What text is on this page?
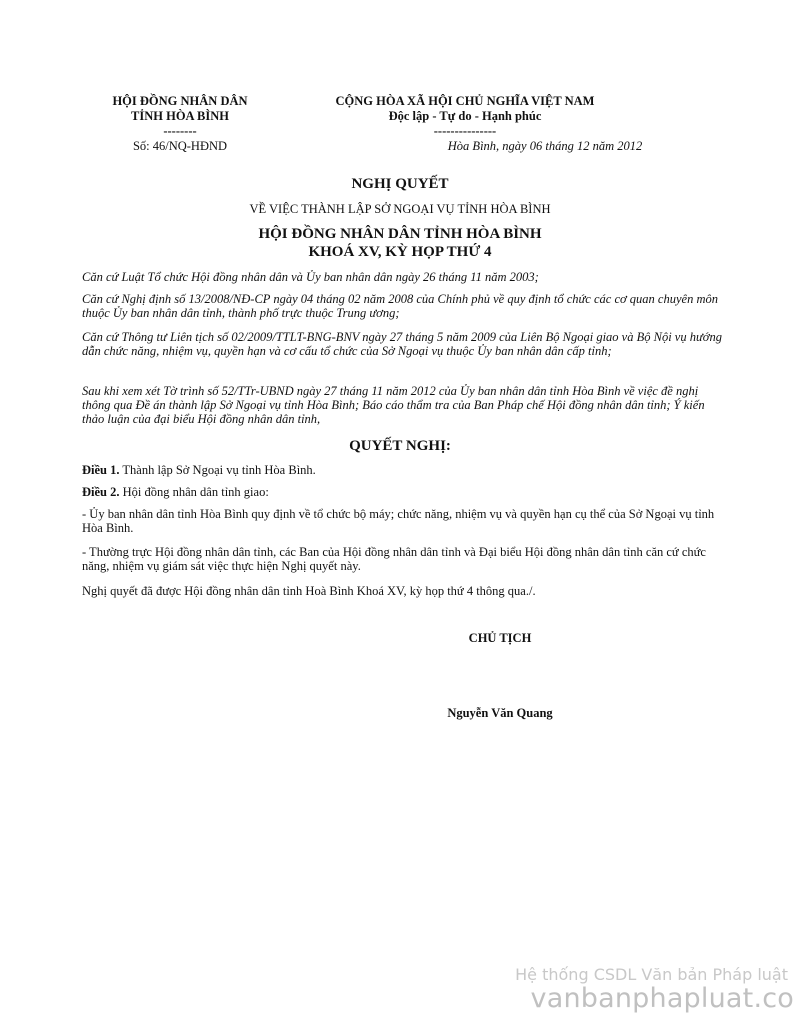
HỘI ĐỒNG NHÂN DÂN
TỈNH HÒA BÌNH
--------
Số: 46/NQ-HĐND
CỘNG HÒA XÃ HỘI CHỦ NGHĨA VIỆT NAM
Độc lập - Tự do - Hạnh phúc
---------------
Hòa Bình, ngày 06 tháng 12 năm 2012
NGHỊ QUYẾT
VỀ VIỆC THÀNH LẬP SỞ NGOẠI VỤ TỈNH HÒA BÌNH
HỘI ĐỒNG NHÂN DÂN TỈNH HÒA BÌNH
KHOÁ XV, KỲ HỌP THỨ 4
Căn cứ Luật Tổ chức Hội đồng nhân dân và Ủy ban nhân dân ngày 26 tháng 11 năm 2003;
Căn cứ Nghị định số 13/2008/NĐ-CP ngày 04 tháng 02 năm 2008 của Chính phủ về quy định tổ chức các cơ quan chuyên môn thuộc Ủy ban nhân dân tỉnh, thành phố trực thuộc Trung ương;
Căn cứ Thông tư Liên tịch số 02/2009/TTLT-BNG-BNV ngày 27 tháng 5 năm 2009 của Liên Bộ Ngoại giao và Bộ Nội vụ hướng dẫn chức năng, nhiệm vụ, quyền hạn và cơ cấu tổ chức của Sở Ngoại vụ thuộc Ủy ban nhân dân cấp tỉnh;
Sau khi xem xét Tờ trình số 52/TTr-UBND ngày 27 tháng 11 năm 2012 của Ủy ban nhân dân tỉnh Hòa Bình về việc đề nghị thông qua Đề án thành lập Sở Ngoại vụ tỉnh Hòa Bình; Báo cáo thẩm tra của Ban Pháp chế Hội đồng nhân dân tỉnh; Ý kiến thảo luận của đại biểu Hội đồng nhân dân tỉnh,
QUYẾT NGHỊ:
Điều 1. Thành lập Sở Ngoại vụ tỉnh Hòa Bình.
Điều 2. Hội đồng nhân dân tỉnh giao:
- Ủy ban nhân dân tỉnh Hòa Bình quy định về tổ chức bộ máy; chức năng, nhiệm vụ và quyền hạn cụ thể của Sở Ngoại vụ tỉnh Hòa Bình.
- Thường trực Hội đồng nhân dân tỉnh, các Ban của Hội đồng nhân dân tỉnh và Đại biểu Hội đồng nhân dân tỉnh căn cứ chức năng, nhiệm vụ giám sát việc thực hiện Nghị quyết này.
Nghị quyết đã được Hội đồng nhân dân tỉnh Hoà Bình Khoá XV, kỳ họp thứ 4 thông qua./.
CHỦ TỊCH
Nguyễn Văn Quang
Hệ thống CSDL Văn bản Pháp luật
vanbanphapluat.co
